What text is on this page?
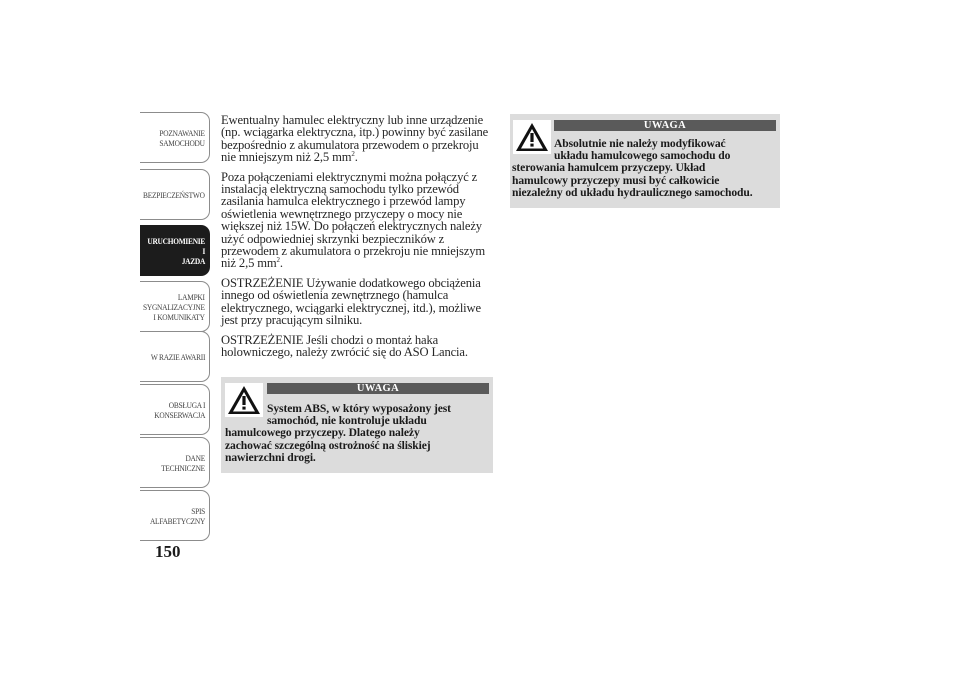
POZNAWANIE
SAMOCHODU
BEZPIECZEŃSTWO
URUCHOMIENIE I
JAZDA
LAMPKI
SYGNALIZACYJNE
I KOMUNIKATY
W RAZIE AWARII
OBSŁUGA I
KONSERWACJA
DANE
TECHNICZNE
SPIS
ALFABETYCZNY
150

Ewentualny hamulec elektryczny lub inne urządzenie (np. wciągarka elektryczna, itp.) powinny być zasilane bezpośrednio z akumulatora przewodem o przekroju nie mniejszym niż 2,5 $mm^2$.

Poza połączeniami elektrycznymi można połączyć z instalacją elektryczną samochodu tylko przewód zasilania hamulca elektrycznego i przewód lampy oświetlenia wewnętrznego przyczepy o mocy nie większej niż 15W. Do połączeń elektrycznych należy użyć odpowiedniej skrzynki bezpieczników z przewodem z akumulatora o przekroju nie mniejszym niż 2,5 $mm^2$.

OSTRZEŻENIE Używanie dodatkowego obciążenia innego od oświetlenia zewnętrznego (hamulca elektrycznego, wciągarki elektrycznej, itd.), możliwe jest przy pracującym silniku.

OSTRZEŻENIE Jeśli chodzi o montaż haka holowniczego, należy zwrócić się do ASO Lancia.

UWAGA
System ABS, w który wyposażony jest
samochód, nie kontroluje układu
hamulcowego przyczepy. Dlatego należy
zachować szczególną ostrożność na śliskiej
nawierzchni drogi.
UWAGA
Absolutnie nie należy modyfikować
układu hamulcowego samochodu do
sterowania hamulcem przyczepy. Układ
hamulcowy przyczepy musi być całkowicie
niezależny od układu hydraulicznego samochodu.
